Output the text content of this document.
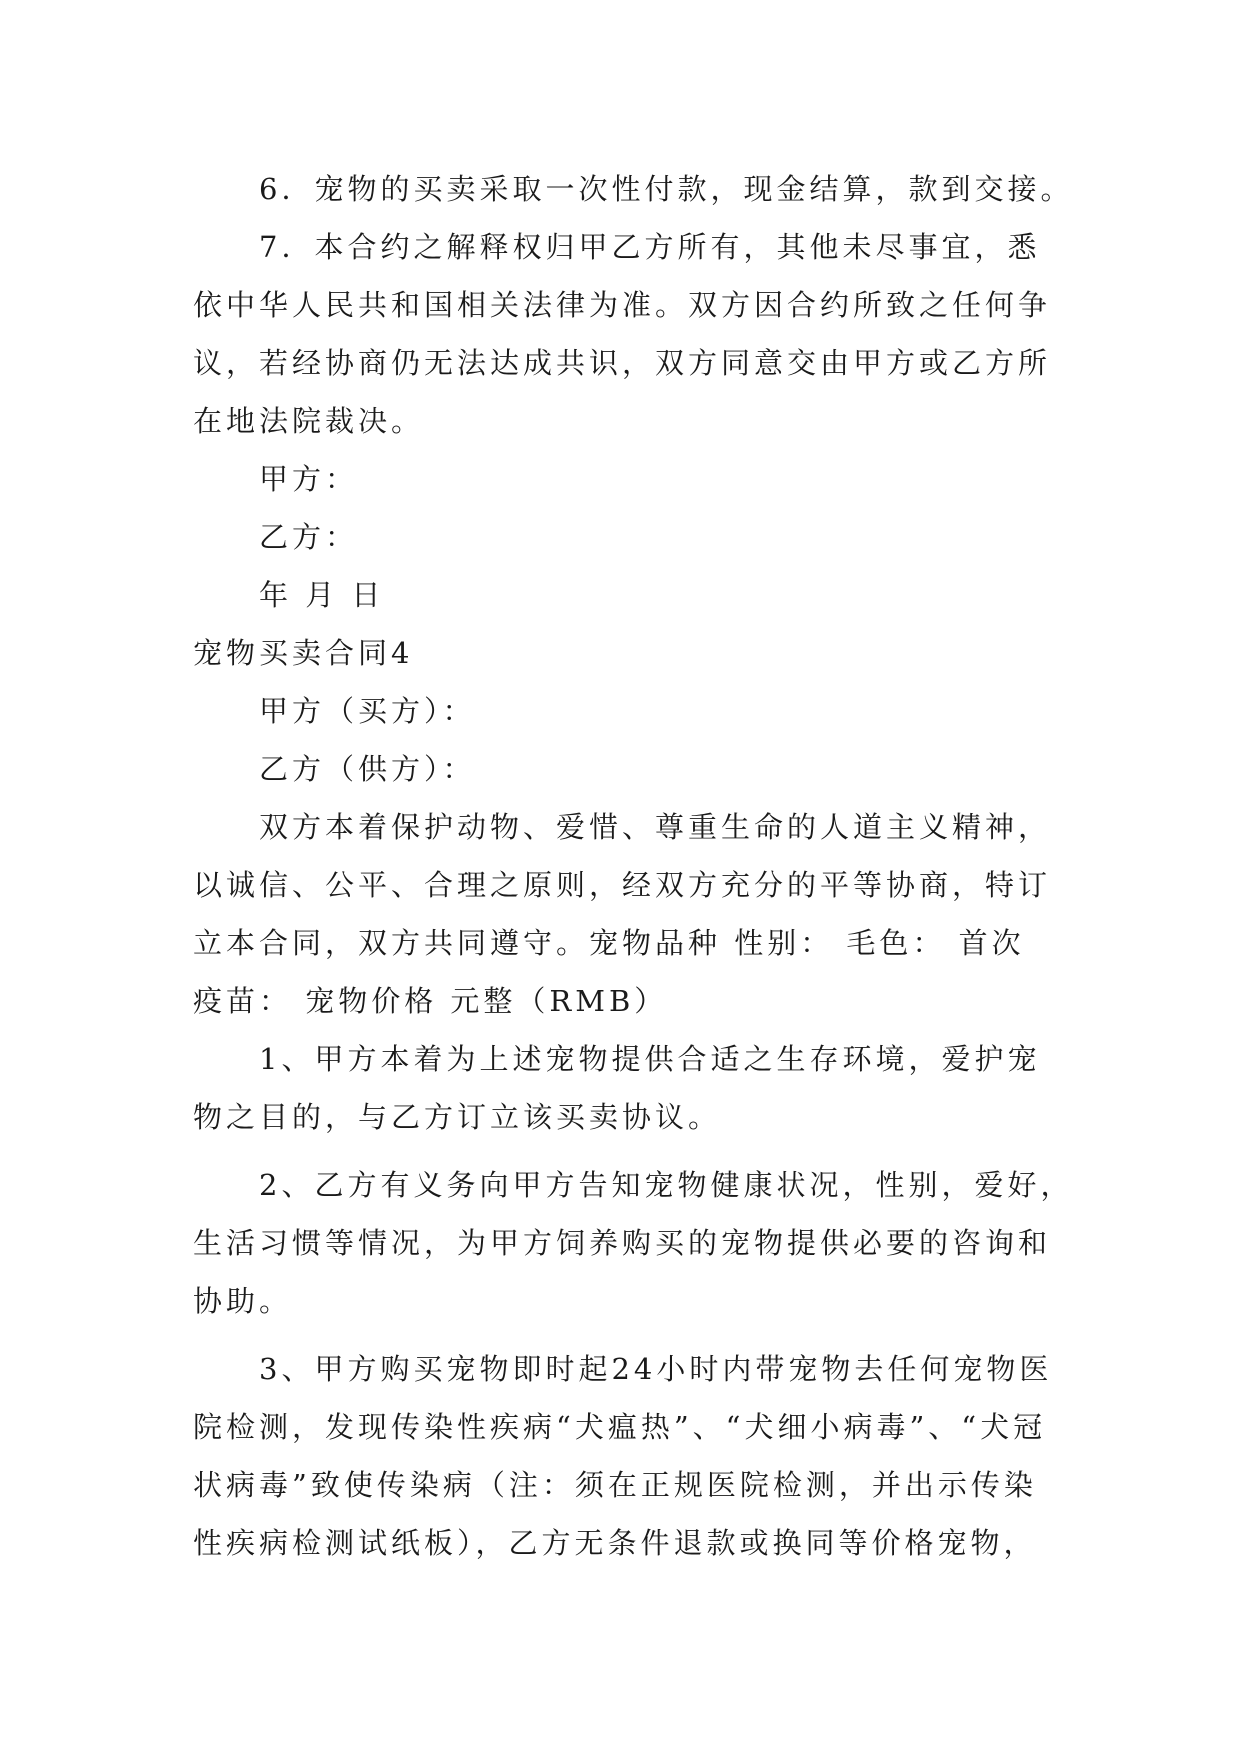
6．宠物的买卖采取一次性付款，现金结算，款到交接。
7．本合约之解释权归甲乙方所有，其他未尽事宜，悉
依中华人民共和国相关法律为准。双方因合约所致之任何争
议，若经协商仍无法达成共识，双方同意交由甲方或乙方所
在地法院裁决。
甲方：
乙方：
年 月 日
宠物买卖合同4
甲方（买方）：
乙方（供方）：
双方本着保护动物、爱惜、尊重生命的人道主义精神，
以诚信、公平、合理之原则，经双方充分的平等协商，特订
立本合同，双方共同遵守。宠物品种 性别： 毛色： 首次
疫苗： 宠物价格 元整（RMB）
1、甲方本着为上述宠物提供合适之生存环境，爱护宠
物之目的，与乙方订立该买卖协议。
2、乙方有义务向甲方告知宠物健康状况，性别，爱好，
生活习惯等情况，为甲方饲养购买的宠物提供必要的咨询和
协助。
3、甲方购买宠物即时起24小时内带宠物去任何宠物医
院检测，发现传染性疾病“犬瘟热”、“犬细小病毒”、“犬冠
状病毒”致使传染病（注：须在正规医院检测，并出示传染
性疾病检测试纸板），乙方无条件退款或换同等价格宠物，
